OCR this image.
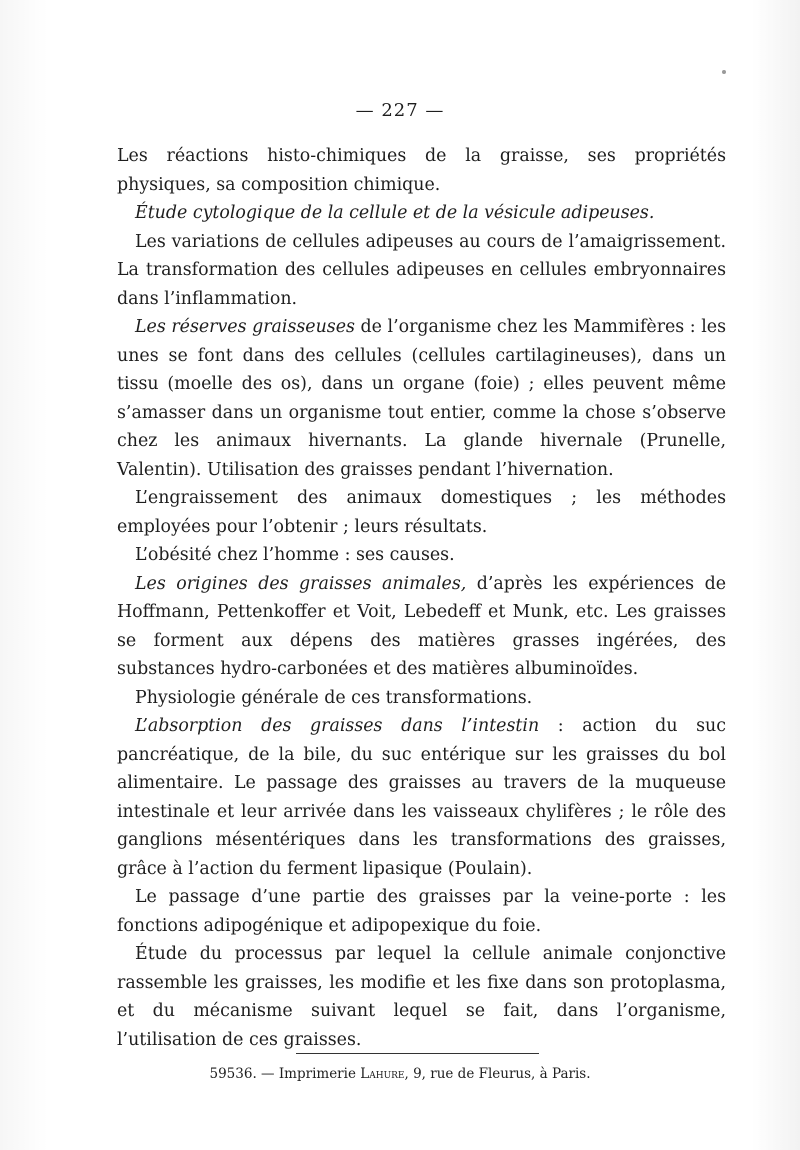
— 227 —

Les réactions histo-chimiques de la graisse, ses propriétés physiques, sa composition chimique.

Étude cytologique de la cellule et de la vésicule adipeuses.

Les variations de cellules adipeuses au cours de l’amaigrissement. La transformation des cellules adipeuses en cellules embryonnaires dans l’inflammation.

Les réserves graisseuses de l’organisme chez les Mammifères : les unes se font dans des cellules (cellules cartilagineuses), dans un tissu (moelle des os), dans un organe (foie) ; elles peuvent même s’amasser dans un organisme tout entier, comme la chose s’observe chez les animaux hivernants. La glande hivernale (Prunelle, Valentin). Utilisation des graisses pendant l’hivernation.

L’engraissement des animaux domestiques ; les méthodes employées pour l’obtenir ; leurs résultats.

L’obésité chez l’homme : ses causes.

Les origines des graisses animales, d’après les expériences de Hoffmann, Pettenkoffer et Voit, Lebedeff et Munk, etc. Les graisses se forment aux dépens des matières grasses ingérées, des substances hydro-carbonées et des matières albuminoïdes.

Physiologie générale de ces transformations.

L’absorption des graisses dans l’intestin : action du suc pancréatique, de la bile, du suc entérique sur les graisses du bol alimentaire. Le passage des graisses au travers de la muqueuse intestinale et leur arrivée dans les vaisseaux chylifères ; le rôle des ganglions mésentériques dans les transformations des graisses, grâce à l’action du ferment lipasique (Poulain).

Le passage d’une partie des graisses par la veine-porte : les fonctions adipogénique et adipopexique du foie.

Étude du processus par lequel la cellule animale conjonctive rassemble les graisses, les modifie et les fixe dans son protoplasma, et du mécanisme suivant lequel se fait, dans l’organisme, l’utilisation de ces graisses.

59536. — Imprimerie Lahure, 9, rue de Fleurus, à Paris.
